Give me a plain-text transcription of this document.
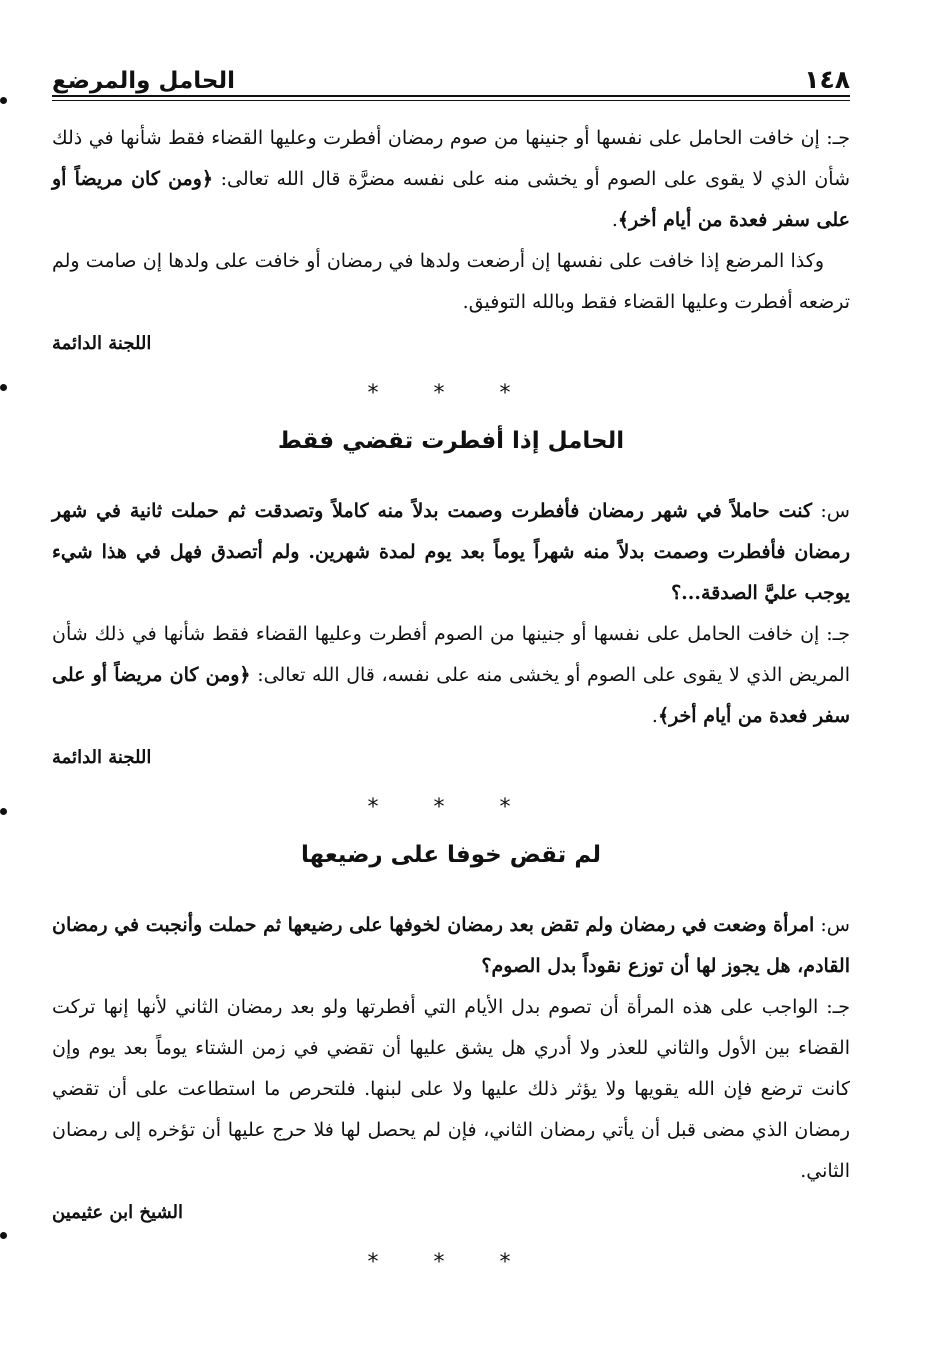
الحامل والمرضع	١٤٨

جـ: إن خافت الحامل على نفسها أو جنينها من صوم رمضان أفطرت وعليها القضاء فقط شأنها في ذلك شأن الذي لا يقوى على الصوم أو يخشى منه على نفسه مضرَّة قال الله تعالى: ﴿ومن كان مريضاً أو على سفر فعدة من أيام أخر﴾.

وكذا المرضع إذا خافت على نفسها إن أرضعت ولدها في رمضان أو خافت على ولدها إن صامت ولم ترضعه أفطرت وعليها القضاء فقط وبالله التوفيق.

اللجنة الدائمة
* * *
الحامل إذا أفطرت تقضي فقط

س: كنت حاملاً في شهر رمضان فأفطرت وصمت بدلاً منه كاملاً وتصدقت ثم حملت ثانية في شهر رمضان فأفطرت وصمت بدلاً منه شهراً يوماً بعد يوم لمدة شهرين. ولم أتصدق فهل في هذا شيء يوجب عليَّ الصدقة...؟

جـ: إن خافت الحامل على نفسها أو جنينها من الصوم أفطرت وعليها القضاء فقط شأنها في ذلك شأن المريض الذي لا يقوى على الصوم أو يخشى منه على نفسه، قال الله تعالى: ﴿ومن كان مريضاً أو على سفر فعدة من أيام أخر﴾.

اللجنة الدائمة
* * *
لم تقض خوفا على رضيعها

س: امرأة وضعت في رمضان ولم تقض بعد رمضان لخوفها على رضيعها ثم حملت وأنجبت في رمضان القادم، هل يجوز لها أن توزع نقوداً بدل الصوم؟

جـ: الواجب على هذه المرأة أن تصوم بدل الأيام التي أفطرتها ولو بعد رمضان الثاني لأنها إنها تركت القضاء بين الأول والثاني للعذر ولا أدري هل يشق عليها أن تقضي في زمن الشتاء يوماً بعد يوم وإن كانت ترضع فإن الله يقويها ولا يؤثر ذلك عليها ولا على لبنها. فلتحرص ما استطاعت على أن تقضي رمضان الذي مضى قبل أن يأتي رمضان الثاني، فإن لم يحصل لها فلا حرج عليها أن تؤخره إلى رمضان الثاني.

الشيخ ابن عثيمين
* * *
